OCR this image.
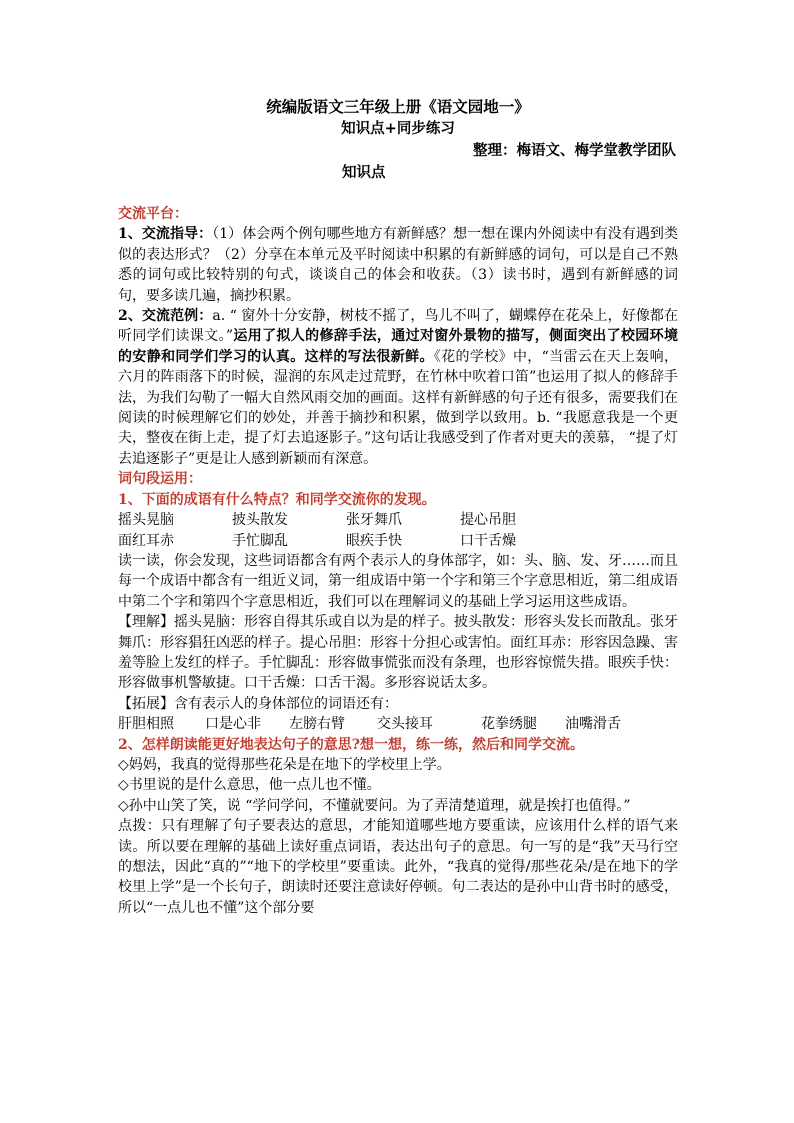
统编版语文三年级上册《语文园地一》
知识点+同步练习
整理：梅语文、梅学堂教学团队
知识点
交流平台：

1、交流指导：（1）体会两个例句哪些地方有新鲜感？想一想在课内外阅读中有没有遇到类似的表达形式？（2）分享在本单元及平时阅读中积累的有新鲜感的词句，可以是自己不熟悉的词句或比较特别的句式，谈谈自己的体会和收获。（3）读书时，遇到有新鲜感的词句，要多读几遍，摘抄积累。

2、交流范例：a. “ 窗外十分安静，树枝不摇了，鸟儿不叫了，蝴蝶停在花朵上，好像都在听同学们读课文。”运用了拟人的修辞手法，通过对窗外景物的描写，侧面突出了校园环境的安静和同学们学习的认真。这样的写法很新鲜。《花的学校》中，“当雷云在天上轰响，六月的阵雨落下的时候，湿润的东风走过荒野，在竹林中吹着口笛”也运用了拟人的修辞手法，为我们勾勒了一幅大自然风雨交加的画面。这样有新鲜感的句子还有很多，需要我们在阅读的时候理解它们的妙处，并善于摘抄和积累，做到学以致用。b. “我愿意我是一个更夫，整夜在街上走，提了灯去追逐影子。”这句话让我感受到了作者对更夫的羡慕， “提了灯去追逐影子”更是让人感到新颖而有深意。

词句段运用：
1、下面的成语有什么特点？和同学交流你的发现。
摇头晃脑	披头散发	张牙舞爪	提心吊胆
面红耳赤	手忙脚乱	眼疾手快	口干舌燥

读一读，你会发现，这些词语都含有两个表示人的身体部字，如：头、脑、发、牙……而且每一个成语中都含有一组近义词，第一组成语中第一个字和第三个字意思相近，第二组成语中第二个字和第四个字意思相近，我们可以在理解词义的基础上学习运用这些成语。

【理解】摇头晃脑：形容自得其乐或自以为是的样子。披头散发：形容头发长而散乱。张牙舞爪：形容猖狂凶恶的样子。提心吊胆：形容十分担心或害怕。面红耳赤：形容因急躁、害羞等脸上发红的样子。手忙脚乱：形容做事慌张而没有条理，也形容惊慌失措。眼疾手快：形容做事机警敏捷。口干舌燥：口舌干渴。多形容说话太多。

【拓展】含有表示人的身体部位的词语还有：

肝胆相照	口是心非	左膀右臂	交头接耳	花拳绣腿	油嘴滑舌
2、怎样朗读能更好地表达句子的意思?想一想，练一练，然后和同学交流。

◇妈妈，我真的觉得那些花朵是在地下的学校里上学。

◇书里说的是什么意思，他一点儿也不懂。

◇孙中山笑了笑，说 “学问学问，不懂就要问。为了弄清楚道理，就是挨打也值得。”

点拨：只有理解了句子要表达的意思，才能知道哪些地方要重读，应该用什么样的语气来读。所以要在理解的基础上读好重点词语，表达出句子的意思。句一写的是“我”天马行空的想法，因此“真的”“地下的学校里”要重读。此外，“我真的觉得/那些花朵/是在地下的学校里上学”是一个长句子，朗读时还要注意读好停顿。句二表达的是孙中山背书时的感受，所以“一点儿也不懂”这个部分要
